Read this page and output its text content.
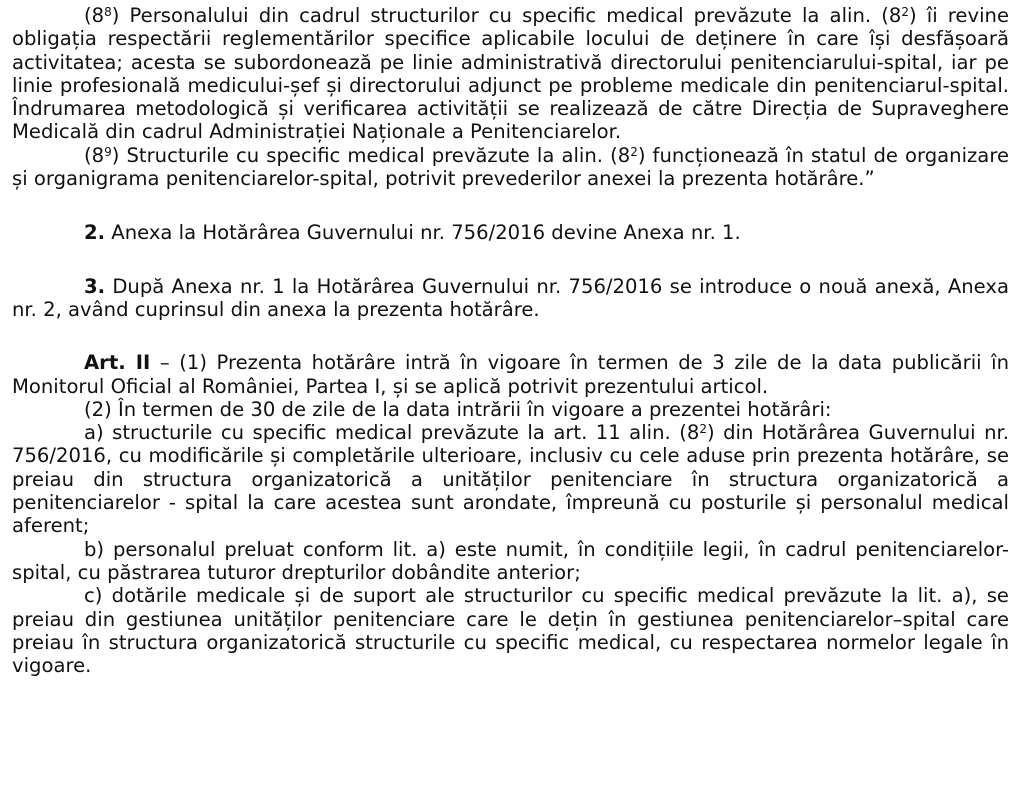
$(8^8)$ Personalului din cadrul structurilor cu specific medical prevăzute la alin. $(8^2)$ îi revine obligația respectării reglementărilor specifice aplicabile locului de deținere în care își desfășoară activitatea; acesta se subordonează pe linie administrativă directorului penitenciarului-spital, iar pe linie profesională medicului-șef și directorului adjunct pe probleme medicale din penitenciarul-spital. Îndrumarea metodologică și verificarea activității se realizează de către Direcția de Supraveghere Medicală din cadrul Administrației Naționale a Penitenciarelor.

$(8^9)$ Structurile cu specific medical prevăzute la alin. $(8^2)$ funcționează în statul de organizare și organigrama penitenciarelor-spital, potrivit prevederilor anexei la prezenta hotărâre.”

2. Anexa la Hotărârea Guvernului nr. 756/2016 devine Anexa nr. 1.

3. După Anexa nr. 1 la Hotărârea Guvernului nr. 756/2016 se introduce o nouă anexă, Anexa nr. 2, având cuprinsul din anexa la prezenta hotărâre.

Art. II – (1) Prezenta hotărâre intră în vigoare în termen de 3 zile de la data publicării în Monitorul Oficial al României, Partea I, și se aplică potrivit prezentului articol.

(2) În termen de 30 de zile de la data intrării în vigoare a prezentei hotărâri:

a) structurile cu specific medical prevăzute la art. 11 alin. $(8^2)$ din Hotărârea Guvernului nr. 756/2016, cu modificările și completările ulterioare, inclusiv cu cele aduse prin prezenta hotărâre, se preiau din structura organizatorică a unităților penitenciare în structura organizatorică a penitenciarelor - spital la care acestea sunt arondate, împreună cu posturile și personalul medical aferent;

b) personalul preluat conform lit. a) este numit, în condițiile legii, în cadrul penitenciarelor-spital, cu păstrarea tuturor drepturilor dobândite anterior;

c) dotările medicale și de suport ale structurilor cu specific medical prevăzute la lit. a), se preiau din gestiunea unităților penitenciare care le dețin în gestiunea penitenciarelor–spital care preiau în structura organizatorică structurile cu specific medical, cu respectarea normelor legale în vigoare.
